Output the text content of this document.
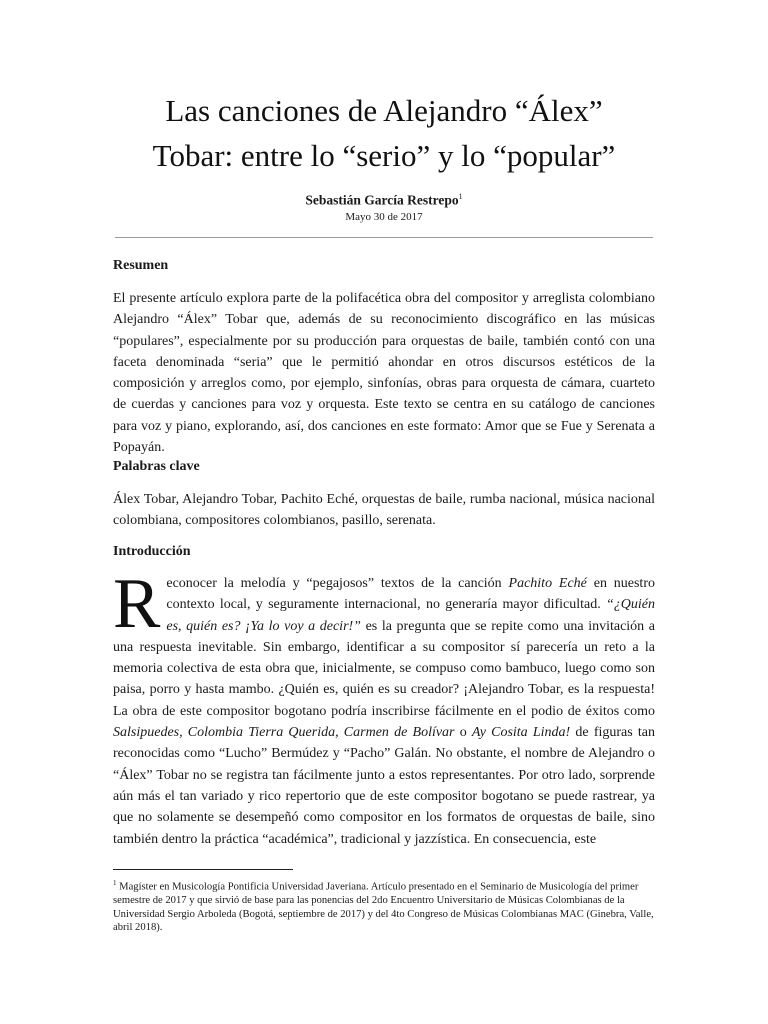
Las canciones de Alejandro “Álex”
Tobar: entre lo “serio” y lo “popular”
Sebastián García Restrepo$^1$
Mayo 30 de 2017
Resumen

El presente artículo explora parte de la polifacética obra del compositor y arreglista colombiano Alejandro “Álex” Tobar que, además de su reconocimiento discográfico en las músicas “populares”, especialmente por su producción para orquestas de baile, también contó con una faceta denominada “seria” que le permitió ahondar en otros discursos estéticos de la composición y arreglos como, por ejemplo, sinfonías, obras para orquesta de cámara, cuarteto de cuerdas y canciones para voz y orquesta. Este texto se centra en su catálogo de canciones para voz y piano, explorando, así, dos canciones en este formato: Amor que se Fue y Serenata a Popayán.

Palabras clave

Álex Tobar, Alejandro Tobar, Pachito Eché, orquestas de baile, rumba nacional, música nacional colombiana, compositores colombianos, pasillo, serenata.

Introducción

Reconocer la melodía y “pegajosos” textos de la canción Pachito Eché en nuestro contexto local, y seguramente internacional, no generaría mayor dificultad. “¿Quién es, quién es? ¡Ya lo voy a decir!” es la pregunta que se repite como una invitación a una respuesta inevitable. Sin embargo, identificar a su compositor sí parecería un reto a la memoria colectiva de esta obra que, inicialmente, se compuso como bambuco, luego como son paisa, porro y hasta mambo. ¿Quién es, quién es su creador? ¡Alejandro Tobar, es la respuesta! La obra de este compositor bogotano podría inscribirse fácilmente en el podio de éxitos como Salsipuedes, Colombia Tierra Querida, Carmen de Bolívar o Ay Cosita Linda! de figuras tan reconocidas como “Lucho” Bermúdez y “Pacho” Galán. No obstante, el nombre de Alejandro o “Álex” Tobar no se registra tan fácilmente junto a estos representantes. Por otro lado, sorprende aún más el tan variado y rico repertorio que de este compositor bogotano se puede rastrear, ya que no solamente se desempeñó como compositor en los formatos de orquestas de baile, sino también dentro la práctica “académica”, tradicional y jazzística. En consecuencia, este

$^1$ Magíster en Musicología Pontificia Universidad Javeriana. Artículo presentado en el Seminario de Musicología del primer semestre de 2017 y que sirvió de base para las ponencias del 2do Encuentro Universitario de Músicas Colombianas de la Universidad Sergio Arboleda (Bogotá, septiembre de 2017) y del 4to Congreso de Músicas Colombianas MAC (Ginebra, Valle, abril 2018).
